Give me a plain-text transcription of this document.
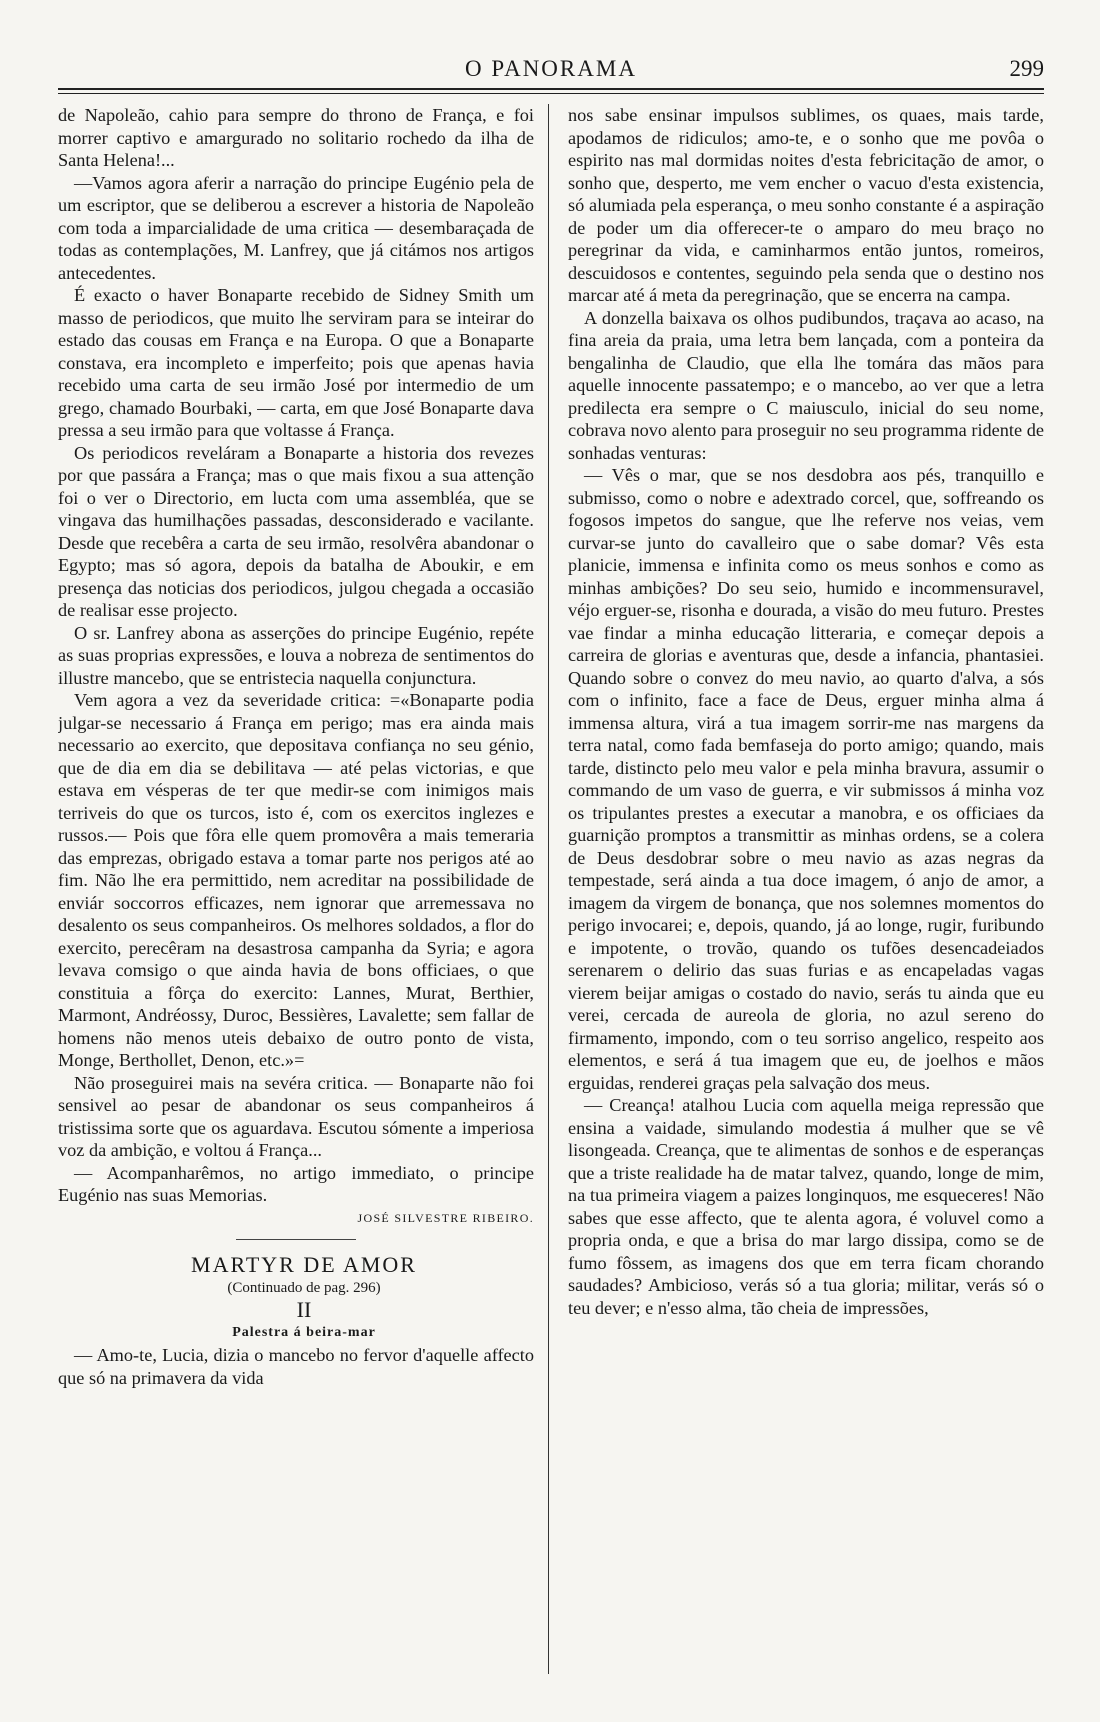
O PANORAMA	299

de Napoleão, cahio para sempre do throno de França, e foi morrer captivo e amargurado no solitario rochedo da ilha de Santa Helena!...

—Vamos agora aferir a narração do principe Eugénio pela de um escriptor, que se deliberou a escrever a historia de Napoleão com toda a imparcialidade de uma critica — desembaraçada de todas as contemplações, M. Lanfrey, que já citámos nos artigos antecedentes.

É exacto o haver Bonaparte recebido de Sidney Smith um masso de periodicos, que muito lhe serviram para se inteirar do estado das cousas em França e na Europa. O que a Bonaparte constava, era incompleto e imperfeito; pois que apenas havia recebido uma carta de seu irmão José por intermedio de um grego, chamado Bourbaki, — carta, em que José Bonaparte dava pressa a seu irmão para que voltasse á França.

Os periodicos reveláram a Bonaparte a historia dos revezes por que passára a França; mas o que mais fixou a sua attenção foi o ver o Directorio, em lucta com uma assembléa, que se vingava das humilhações passadas, desconsiderado e vacilante. Desde que recebêra a carta de seu irmão, resolvêra abandonar o Egypto; mas só agora, depois da batalha de Aboukir, e em presença das noticias dos periodicos, julgou chegada a occasião de realisar esse projecto.

O sr. Lanfrey abona as asserções do principe Eugénio, repéte as suas proprias expressões, e louva a nobreza de sentimentos do illustre mancebo, que se entristecia naquella conjunctura.

Vem agora a vez da severidade critica: =«Bonaparte podia julgar-se necessario á França em perigo; mas era ainda mais necessario ao exercito, que depositava confiança no seu génio, que de dia em dia se debilitava — até pelas victorias, e que estava em vésperas de ter que medir-se com inimigos mais terriveis do que os turcos, isto é, com os exercitos inglezes e russos.— Pois que fôra elle quem promovêra a mais temeraria das emprezas, obrigado estava a tomar parte nos perigos até ao fim. Não lhe era permittido, nem acreditar na possibilidade de enviár soccorros efficazes, nem ignorar que arremessava no desalento os seus companheiros. Os melhores soldados, a flor do exercito, perecêram na desastrosa campanha da Syria; e agora levava comsigo o que ainda havia de bons officiaes, o que constituia a fôrça do exercito: Lannes, Murat, Berthier, Marmont, Andréossy, Duroc, Bessières, Lavalette; sem fallar de homens não menos uteis debaixo de outro ponto de vista, Monge, Berthollet, Denon, etc.»=

Não proseguirei mais na sevéra critica. — Bonaparte não foi sensivel ao pesar de abandonar os seus companheiros á tristissima sorte que os aguardava. Escutou sómente a imperiosa voz da ambição, e voltou á França...

— Acompanharêmos, no artigo immediato, o principe Eugénio nas suas Memorias.

JOSÉ SILVESTRE RIBEIRO.

MARTYR DE AMOR

(Continuado de pag. 296)

II

Palestra á beira-mar

— Amo-te, Lucia, dizia o mancebo no fervor d'aquelle affecto que só na primavera da vida

nos sabe ensinar impulsos sublimes, os quaes, mais tarde, apodamos de ridiculos; amo-te, e o sonho que me povôa o espirito nas mal dormidas noites d'esta febricitação de amor, o sonho que, desperto, me vem encher o vacuo d'esta existencia, só alumiada pela esperança, o meu sonho constante é a aspiração de poder um dia offerecer-te o amparo do meu braço no peregrinar da vida, e caminharmos então juntos, romeiros, descuidosos e contentes, seguindo pela senda que o destino nos marcar até á meta da peregrinação, que se encerra na campa.

A donzella baixava os olhos pudibundos, traçava ao acaso, na fina areia da praia, uma letra bem lançada, com a ponteira da bengalinha de Claudio, que ella lhe tomára das mãos para aquelle innocente passatempo; e o mancebo, ao ver que a letra predilecta era sempre o C maiusculo, inicial do seu nome, cobrava novo alento para proseguir no seu programma ridente de sonhadas venturas:

— Vês o mar, que se nos desdobra aos pés, tranquillo e submisso, como o nobre e adextrado corcel, que, soffreando os fogosos impetos do sangue, que lhe referve nos veias, vem curvar-se junto do cavalleiro que o sabe domar? Vês esta planicie, immensa e infinita como os meus sonhos e como as minhas ambições? Do seu seio, humido e incommensuravel, véjo erguer-se, risonha e dourada, a visão do meu futuro. Prestes vae findar a minha educação litteraria, e começar depois a carreira de glorias e aventuras que, desde a infancia, phantasiei. Quando sobre o convez do meu navio, ao quarto d'alva, a sós com o infinito, face a face de Deus, erguer minha alma á immensa altura, virá a tua imagem sorrir-me nas margens da terra natal, como fada bemfaseja do porto amigo; quando, mais tarde, distincto pelo meu valor e pela minha bravura, assumir o commando de um vaso de guerra, e vir submissos á minha voz os tripulantes prestes a executar a manobra, e os officiaes da guarnição promptos a transmittir as minhas ordens, se a colera de Deus desdobrar sobre o meu navio as azas negras da tempestade, será ainda a tua doce imagem, ó anjo de amor, a imagem da virgem de bonança, que nos solemnes momentos do perigo invocarei; e, depois, quando, já ao longe, rugir, furibundo e impotente, o trovão, quando os tufões desencadeiados serenarem o delirio das suas furias e as encapeladas vagas vierem beijar amigas o costado do navio, serás tu ainda que eu verei, cercada de aureola de gloria, no azul sereno do firmamento, impondo, com o teu sorriso angelico, respeito aos elementos, e será á tua imagem que eu, de joelhos e mãos erguidas, renderei graças pela salvação dos meus.

— Creança! atalhou Lucia com aquella meiga repressão que ensina a vaidade, simulando modestia á mulher que se vê lisongeada. Creança, que te alimentas de sonhos e de esperanças que a triste realidade ha de matar talvez, quando, longe de mim, na tua primeira viagem a paizes longinquos, me esqueceres! Não sabes que esse affecto, que te alenta agora, é voluvel como a propria onda, e que a brisa do mar largo dissipa, como se de fumo fôssem, as imagens dos que em terra ficam chorando saudades? Ambicioso, verás só a tua gloria; militar, verás só o teu dever; e n'esso alma, tão cheia de impressões,
